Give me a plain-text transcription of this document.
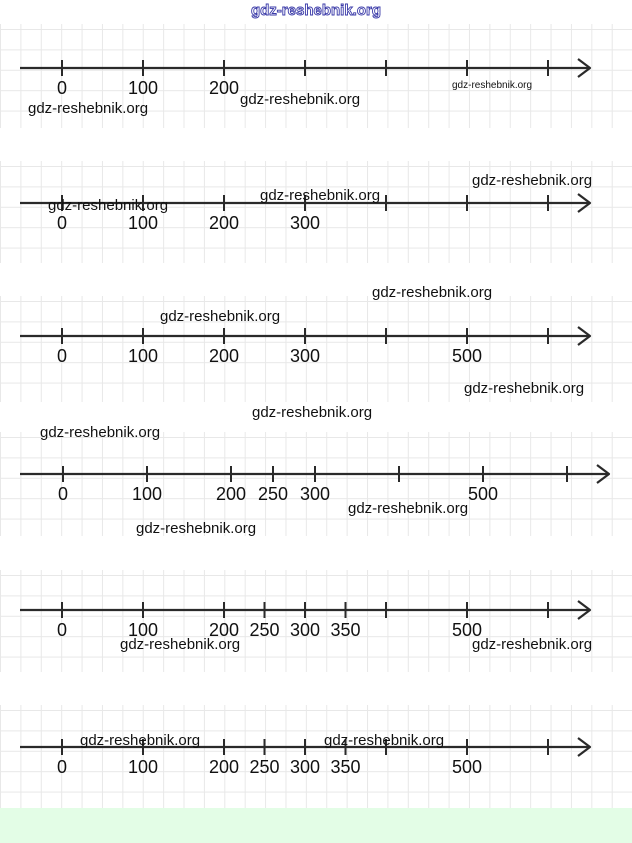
gdz-reshebnik.org
0	100	200
0	100	200	300
0	100	200	300	500
0	100	200 250 300	500
0	100	200 250 300 350	500
0	100	200 250 300 350	500
gdz-reshebnik.org
gdz-reshebnik.org
gdz-reshebnik.org
gdz-reshebnik.org
gdz-reshebnik.org
gdz-reshebnik.org
gdz-reshebnik.org
gdz-reshebnik.org
gdz-reshebnik.org
gdz-reshebnik.org
gdz-reshebnik.org
gdz-reshebnik.org
gdz-reshebnik.org
gdz-reshebnik.org	gdz-reshebnik.org
gdz-reshebnik.org	gdz-reshebnik.org
